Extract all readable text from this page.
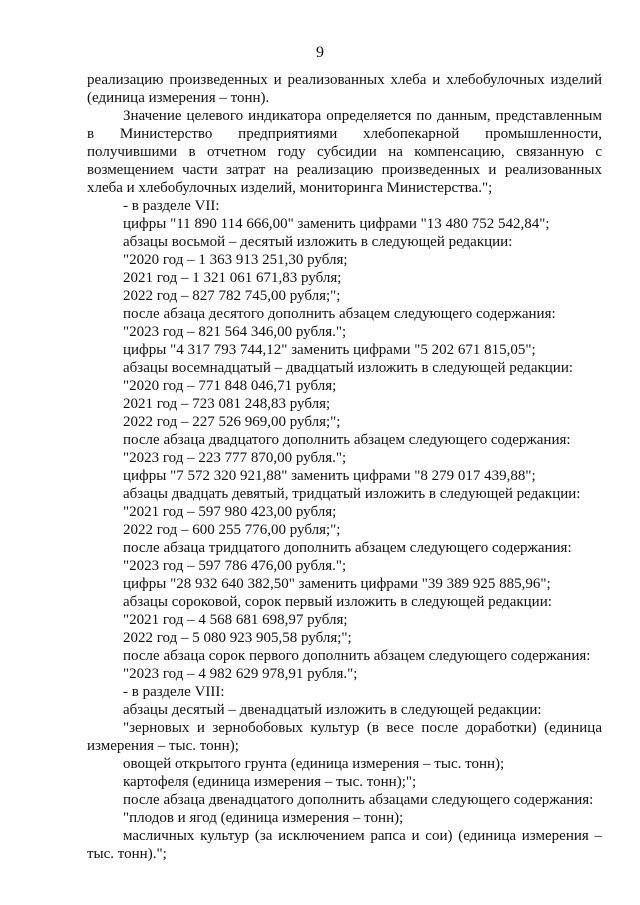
9

реализацию произведенных и реализованных хлеба и хлебобулочных изделий (единица измерения – тонн).

Значение целевого индикатора определяется по данным, представленным в Министерство предприятиями хлебопекарной промышленности, получившими в отчетном году субсидии на компенсацию, связанную с возмещением части затрат на реализацию произведенных и реализованных хлеба и хлебобулочных изделий, мониторинга Министерства.";

- в разделе VII:

цифры "11 890 114 666,00" заменить цифрами "13 480 752 542,84";

абзацы восьмой – десятый изложить в следующей редакции:

"2020 год – 1 363 913 251,30 рубля;

2021 год – 1 321 061 671,83 рубля;

2022 год – 827 782 745,00 рубля;";

после абзаца десятого дополнить абзацем следующего содержания:

"2023 год – 821 564 346,00 рубля.";

цифры "4 317 793 744,12" заменить цифрами "5 202 671 815,05";

абзацы восемнадцатый – двадцатый изложить в следующей редакции:

"2020 год – 771 848 046,71 рубля;

2021 год – 723 081 248,83 рубля;

2022 год – 227 526 969,00 рубля;";

после абзаца двадцатого дополнить абзацем следующего содержания:

"2023 год – 223 777 870,00 рубля.";

цифры "7 572 320 921,88" заменить цифрами "8 279 017 439,88";

абзацы двадцать девятый, тридцатый изложить в следующей редакции:

"2021 год – 597 980 423,00 рубля;

2022 год – 600 255 776,00 рубля;";

после абзаца тридцатого дополнить абзацем следующего содержания:

"2023 год – 597 786 476,00 рубля.";

цифры "28 932 640 382,50" заменить цифрами "39 389 925 885,96";

абзацы сороковой, сорок первый изложить в следующей редакции:

"2021 год – 4 568 681 698,97 рубля;

2022 год – 5 080 923 905,58 рубля;";

после абзаца сорок первого дополнить абзацем следующего содержания:

"2023 год – 4 982 629 978,91 рубля.";

- в разделе VIII:

абзацы десятый – двенадцатый изложить в следующей редакции:

"зерновых и зернобобовых культур (в весе после доработки) (единица измерения – тыс. тонн);

овощей открытого грунта (единица измерения – тыс. тонн);

картофеля (единица измерения – тыс. тонн);";

после абзаца двенадцатого дополнить абзацами следующего содержания:

"плодов и ягод (единица измерения – тонн);

масличных культур (за исключением рапса и сои) (единица измерения – тыс. тонн).";
